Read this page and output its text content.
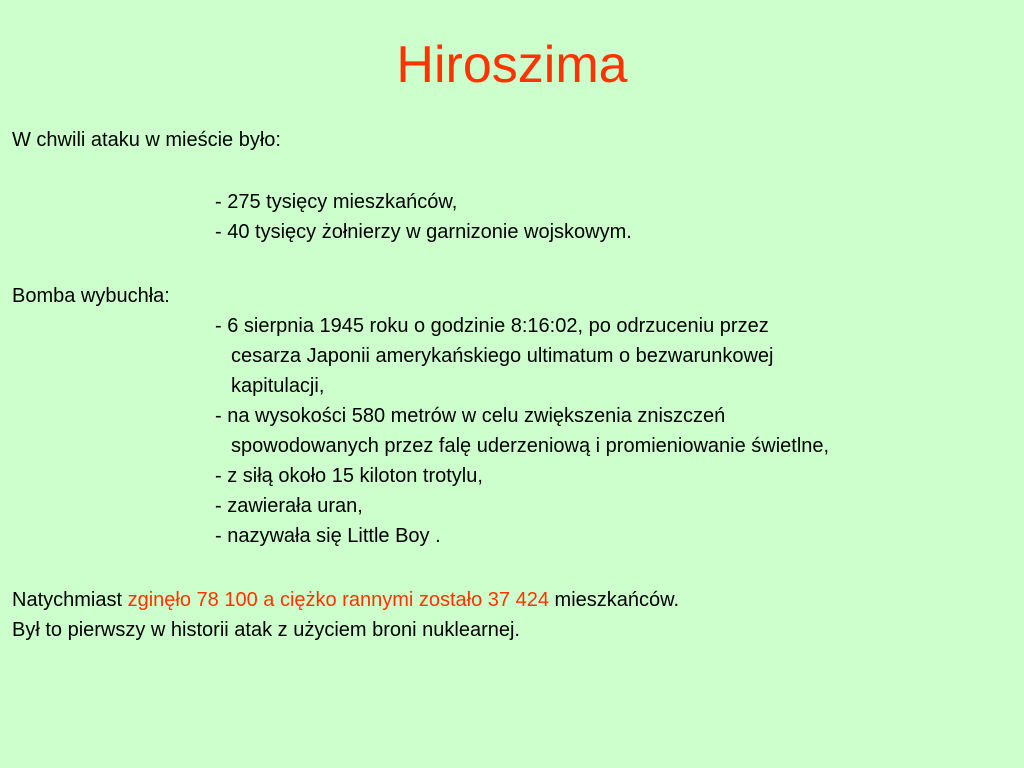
Hiroszima
W chwili ataku w mieście było:
- 275 tysięcy mieszkańców,
- 40 tysięcy żołnierzy w garnizonie wojskowym.
Bomba wybuchła:
- 6 sierpnia 1945 roku o godzinie 8:16:02, po odrzuceniu przez
cesarza Japonii amerykańskiego ultimatum o bezwarunkowej
kapitulacji,
- na wysokości 580 metrów w celu zwiększenia zniszczeń
spowodowanych przez falę uderzeniową i promieniowanie świetlne,
- z siłą około 15 kiloton trotylu,
- zawierała uran,
- nazywała się Little Boy .
Natychmiast zginęło 78 100 a ciężko rannymi zostało 37 424 mieszkańców.
Był to pierwszy w historii atak z użyciem broni nuklearnej.
